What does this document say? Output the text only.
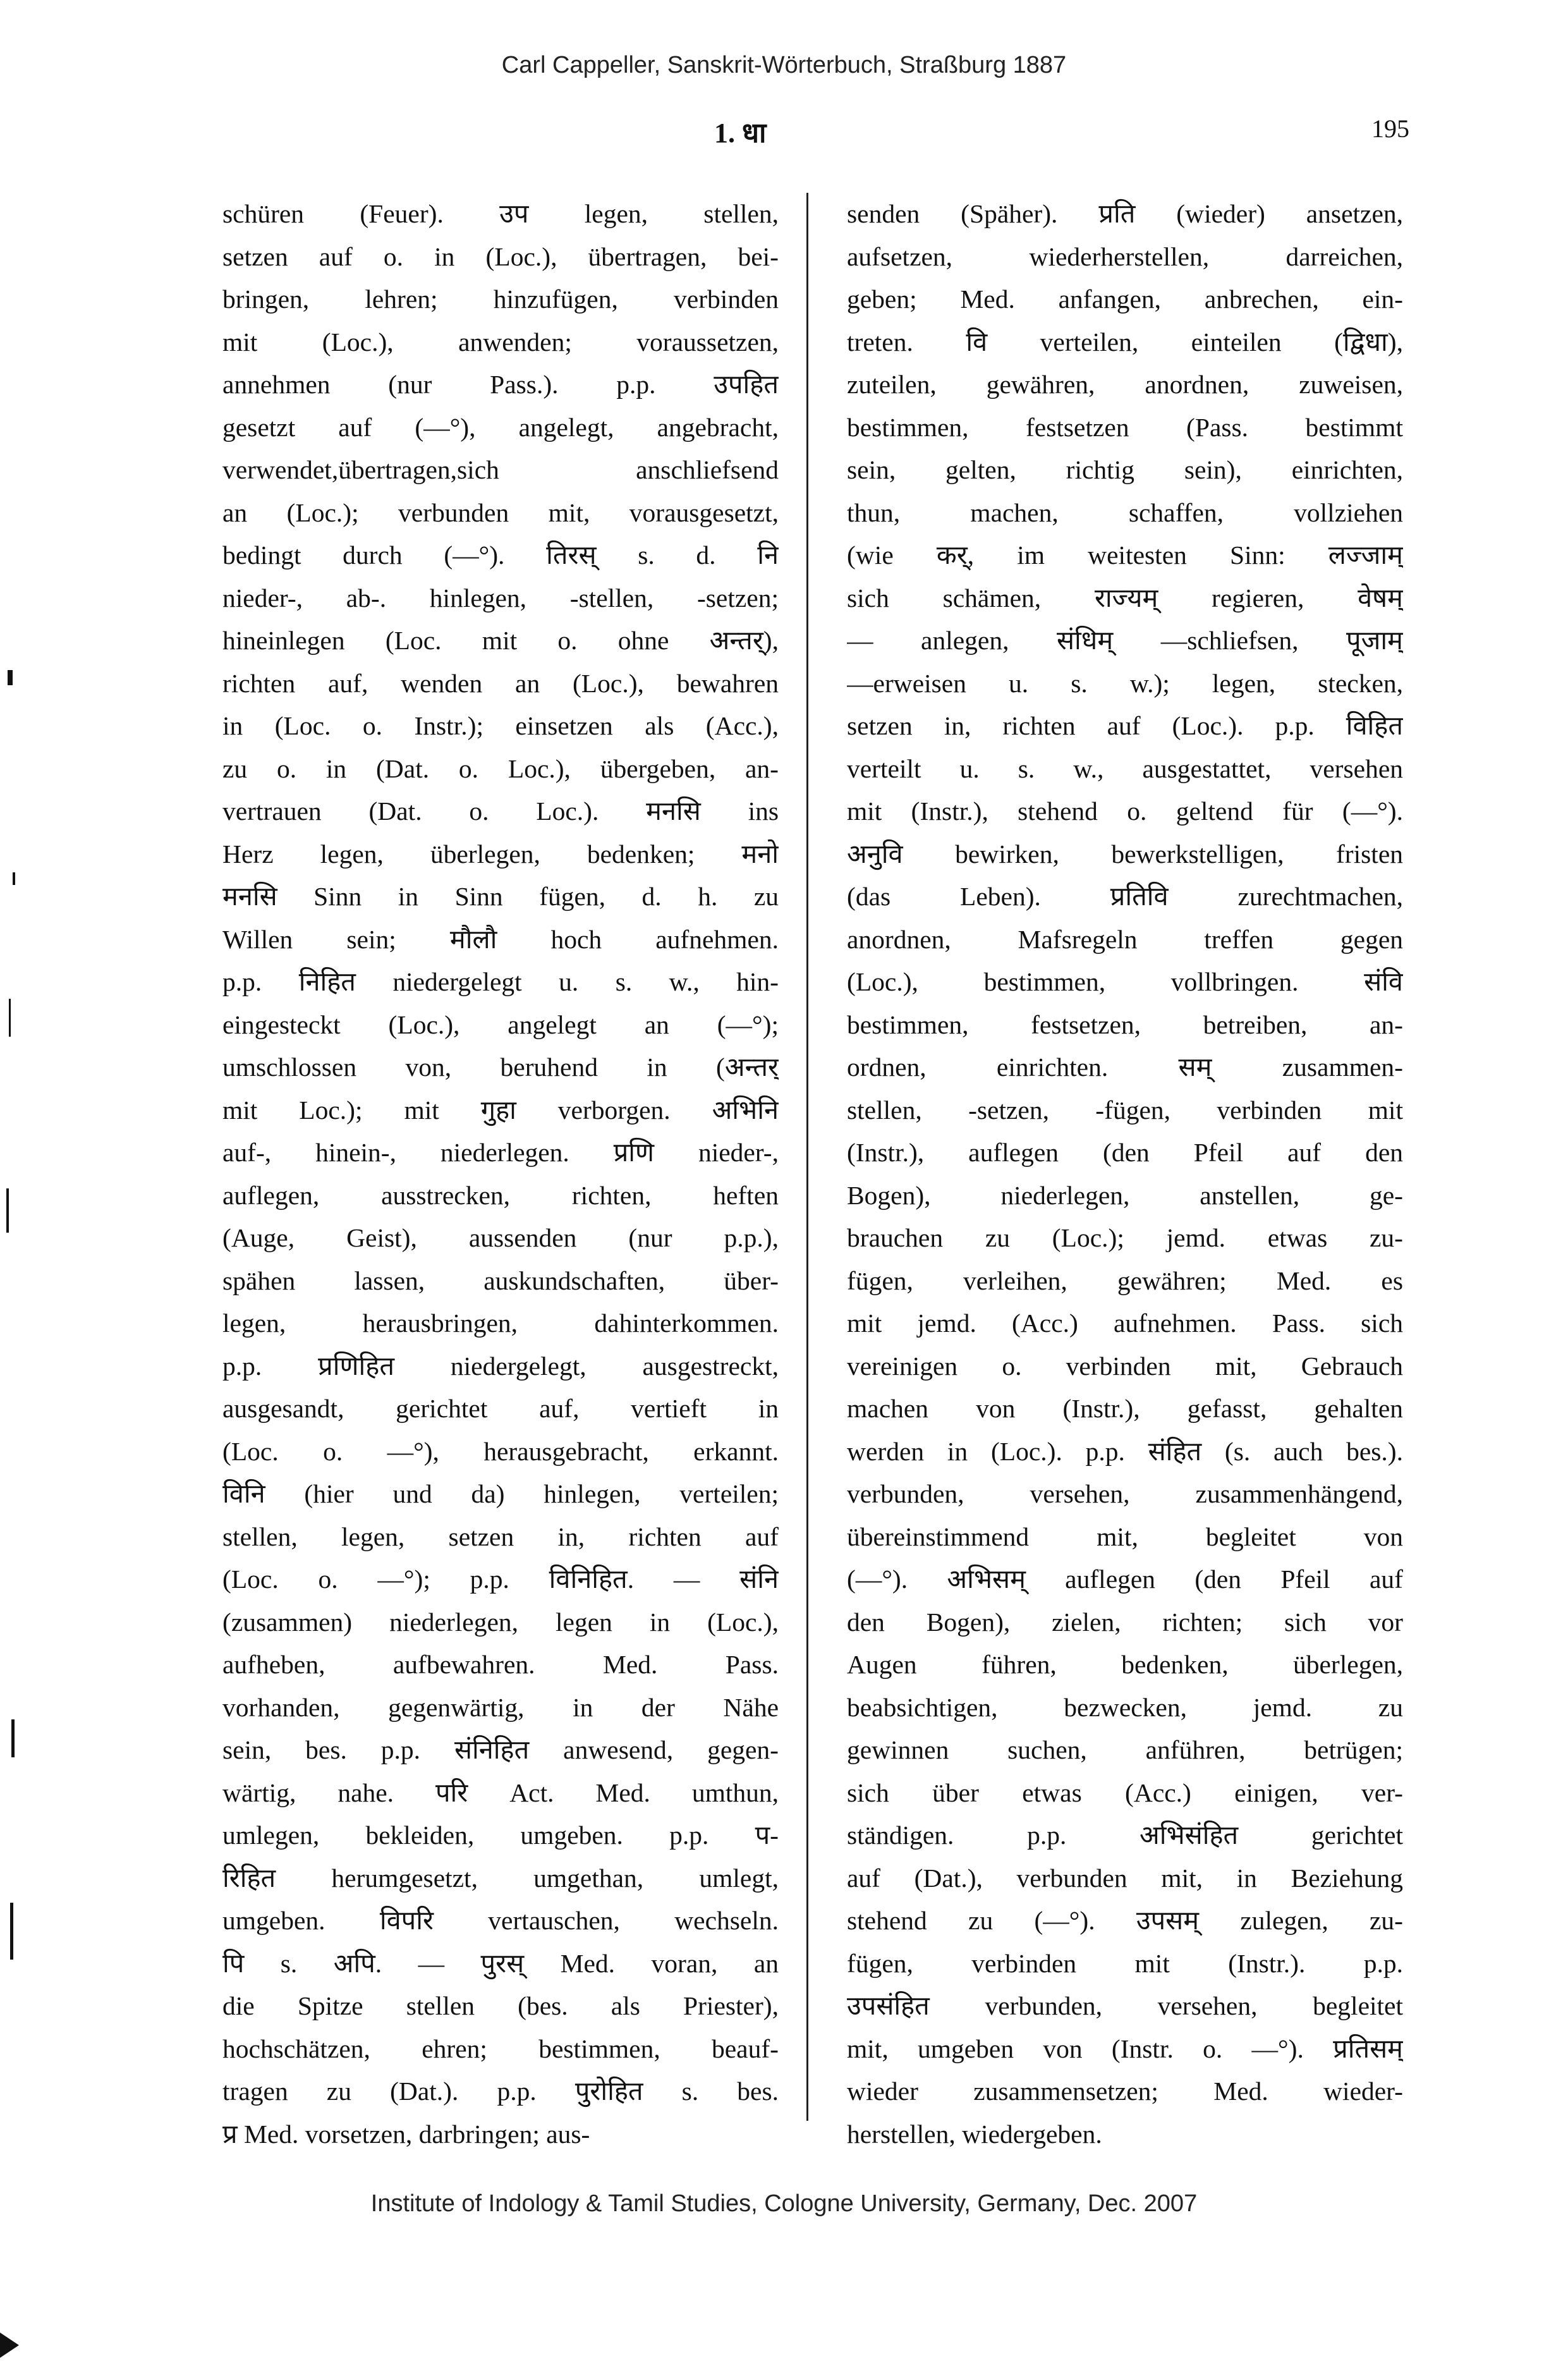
Carl Cappeller, Sanskrit-Wörterbuch, Straßburg 1887
1. धा	195
schüren (Feuer). उप legen, stellen,
setzen auf o. in (Loc.), übertragen, bei-
bringen, lehren; hinzufügen, verbinden
mit (Loc.), anwenden; voraussetzen,
annehmen (nur Pass.). p.p. उपहित
gesetzt auf (—°), angelegt, angebracht,
verwendet,übertragen,sich anschliefsend
an (Loc.); verbunden mit, vorausgesetzt,
bedingt durch (—°). तिरस् s. d. नि
nieder-, ab-. hinlegen, -stellen, -setzen;
hineinlegen (Loc. mit o. ohne अन्तर्),
richten auf, wenden an (Loc.), bewahren
in (Loc. o. Instr.); einsetzen als (Acc.),
zu o. in (Dat. o. Loc.), übergeben, an-
vertrauen (Dat. o. Loc.). मनसि ins
Herz legen, überlegen, bedenken; मनो
मनसि Sinn in Sinn fügen, d. h. zu
Willen sein; मौलौ hoch aufnehmen.
p.p. निहित niedergelegt u. s. w., hin-
eingesteckt (Loc.), angelegt an (—°);
umschlossen von, beruhend in (अन्तर्
mit Loc.); mit गुहा verborgen. अभिनि
auf-, hinein-, niederlegen. प्रणि nieder-,
auflegen, ausstrecken, richten, heften
(Auge, Geist), aussenden (nur p.p.),
spähen lassen, auskundschaften, über-
legen, herausbringen, dahinterkommen.
p.p. प्रणिहित niedergelegt, ausgestreckt,
ausgesandt, gerichtet auf, vertieft in
(Loc. o. —°), herausgebracht, erkannt.
विनि (hier und da) hinlegen, verteilen;
stellen, legen, setzen in, richten auf
(Loc. o. —°); p.p. विनिहित. — संनि
(zusammen) niederlegen, legen in (Loc.),
aufheben, aufbewahren. Med. Pass.
vorhanden, gegenwärtig, in der Nähe
sein, bes. p.p. संनिहित anwesend, gegen-
wärtig, nahe. परि Act. Med. umthun,
umlegen, bekleiden, umgeben. p.p. प-
रिहित herumgesetzt, umgethan, umlegt,
umgeben. विपरि vertauschen, wechseln.
पि s. अपि. — पुरस् Med. voran, an
die Spitze stellen (bes. als Priester),
hochschätzen, ehren; bestimmen, beauf-
tragen zu (Dat.). p.p. पुरोहित s. bes.
प्र Med. vorsetzen, darbringen; aus-
senden (Späher). प्रति (wieder) ansetzen,
aufsetzen, wiederherstellen, darreichen,
geben; Med. anfangen, anbrechen, ein-
treten. वि verteilen, einteilen (द्विधा),
zuteilen, gewähren, anordnen, zuweisen,
bestimmen, festsetzen (Pass. bestimmt
sein, gelten, richtig sein), einrichten,
thun, machen, schaffen, vollziehen
(wie कर्, im weitesten Sinn: लज्जाम्
sich schämen, राज्यम् regieren, वेषम्
— anlegen, संधिम् —schliefsen, पूजाम्
—erweisen u. s. w.); legen, stecken,
setzen in, richten auf (Loc.). p.p. विहित
verteilt u. s. w., ausgestattet, versehen
mit (Instr.), stehend o. geltend für (—°).
अनुवि bewirken, bewerkstelligen, fristen
(das Leben). प्रतिवि zurechtmachen,
anordnen, Mafsregeln treffen gegen
(Loc.), bestimmen, vollbringen. संवि
bestimmen, festsetzen, betreiben, an-
ordnen, einrichten. सम् zusammen-
stellen, -setzen, -fügen, verbinden mit
(Instr.), auflegen (den Pfeil auf den
Bogen), niederlegen, anstellen, ge-
brauchen zu (Loc.); jemd. etwas zu-
fügen, verleihen, gewähren; Med. es
mit jemd. (Acc.) aufnehmen. Pass. sich
vereinigen o. verbinden mit, Gebrauch
machen von (Instr.), gefasst, gehalten
werden in (Loc.). p.p. संहित (s. auch bes.).
verbunden, versehen, zusammenhängend,
übereinstimmend mit, begleitet von
(—°). अभिसम् auflegen (den Pfeil auf
den Bogen), zielen, richten; sich vor
Augen führen, bedenken, überlegen,
beabsichtigen, bezwecken, jemd. zu
gewinnen suchen, anführen, betrügen;
sich über etwas (Acc.) einigen, ver-
ständigen. p.p. अभिसंहित gerichtet
auf (Dat.), verbunden mit, in Beziehung
stehend zu (—°). उपसम् zulegen, zu-
fügen, verbinden mit (Instr.). p.p.
उपसंहित verbunden, versehen, begleitet
mit, umgeben von (Instr. o. —°). प्रतिसम्
wieder zusammensetzen; Med. wieder-
herstellen, wiedergeben.
Institute of Indology & Tamil Studies, Cologne University, Germany, Dec. 2007
